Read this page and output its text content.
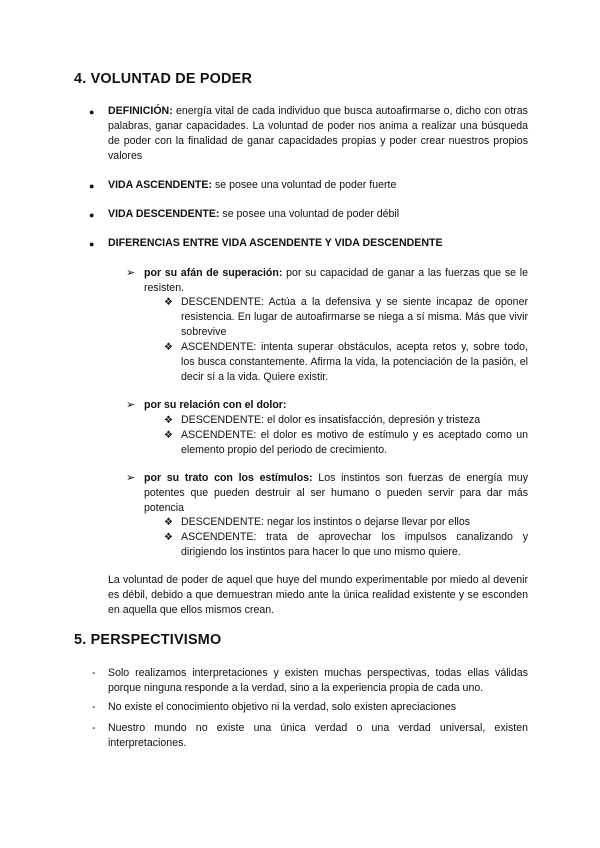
4. VOLUNTAD DE PODER
●	DEFINICIÓN: energía vital de cada individuo que busca autoafirmarse o, dicho con otras palabras, ganar capacidades. La voluntad de poder nos anima a realizar una búsqueda de poder con la finalidad de ganar capacidades propias y poder crear nuestros propios valores
●	VIDA ASCENDENTE: se posee una voluntad de poder fuerte
●	VIDA DESCENDENTE: se posee una voluntad de poder débil
●	DIFERENCIAS ENTRE VIDA ASCENDENTE Y VIDA DESCENDENTE
➢ por su afán de superación: por su capacidad de ganar a las fuerzas que se le resisten.
❖ DESCENDENTE: Actúa a la defensiva y se siente incapaz de oponer resistencia. En lugar de autoafirmarse se niega a sí misma. Más que vivir sobrevive
❖ ASCENDENTE: intenta superar obstáculos, acepta retos y, sobre todo, los busca constantemente. Afirma la vida, la potenciación de la pasión, el decir sí a la vida. Quiere existir.
➢ por su relación con el dolor:
❖ DESCENDENTE: el dolor es insatisfacción, depresión y tristeza
❖ ASCENDENTE: el dolor es motivo de estímulo y es aceptado como un elemento propio del periodo de crecimiento.
➢ por su trato con los estímulos: Los instintos son fuerzas de energía muy potentes que pueden destruir al ser humano o pueden servir para dar más potencia
❖ DESCENDENTE: negar los instintos o dejarse llevar por ellos
❖ ASCENDENTE: trata de aprovechar los impulsos canalizando y dirigiendo los instintos para hacer lo que uno mismo quiere.
La voluntad de poder de aquel que huye del mundo experimentable por miedo al devenir es débil, debido a que demuestran miedo ante la única realidad existente y se esconden en aquella que ellos mismos crean.
5. PERSPECTIVISMO
- Solo realizamos interpretaciones y existen muchas perspectivas, todas ellas válidas porque ninguna responde a la verdad, sino a la experiencia propia de cada uno.
- No existe el conocimiento objetivo ni la verdad, solo existen apreciaciones
- Nuestro mundo no existe una única verdad o una verdad universal, existen interpretaciones.
